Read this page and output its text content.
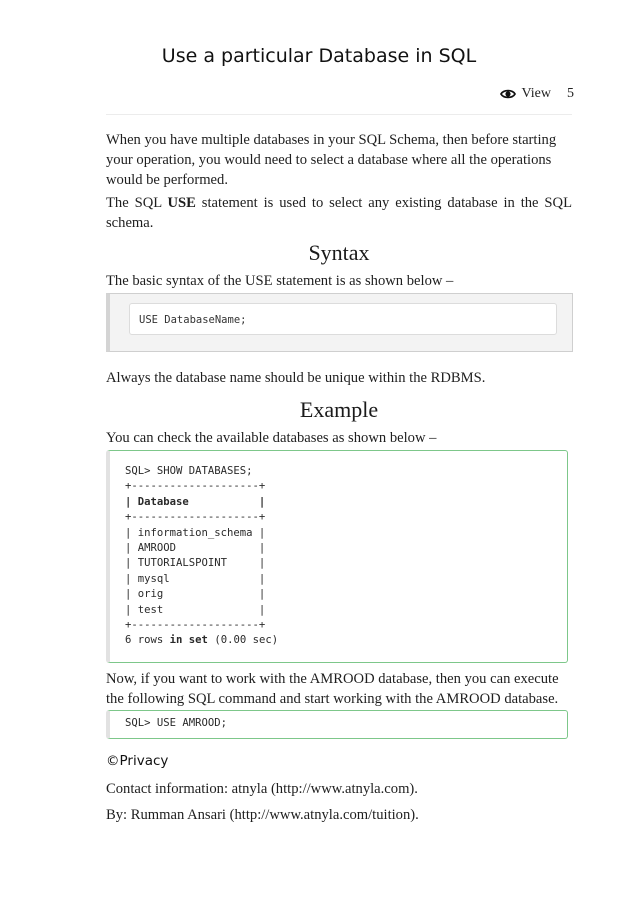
Use a particular Database in SQL
View 5

When you have multiple databases in your SQL Schema, then before starting your operation, you would need to select a database where all the operations would be performed.

The SQL USE statement is used to select any existing database in the SQL schema.

Syntax

The basic syntax of the USE statement is as shown below –

USE DatabaseName;

Always the database name should be unique within the RDBMS.

Example

You can check the available databases as shown below –

SQL> SHOW DATABASES;
+--------------------+
| Database           |
+--------------------+
| information_schema |
| AMROOD             |
| TUTORIALSPOINT     |
| mysql              |
| orig               |
| test               |
+--------------------+
6 rows in set (0.00 sec)

Now, if you want to work with the AMROOD database, then you can execute the following SQL command and start working with the AMROOD database.

SQL> USE AMROOD;
©Privacy

Contact information: atnyla (http://www.atnyla.com).

By: Rumman Ansari (http://www.atnyla.com/tuition).
